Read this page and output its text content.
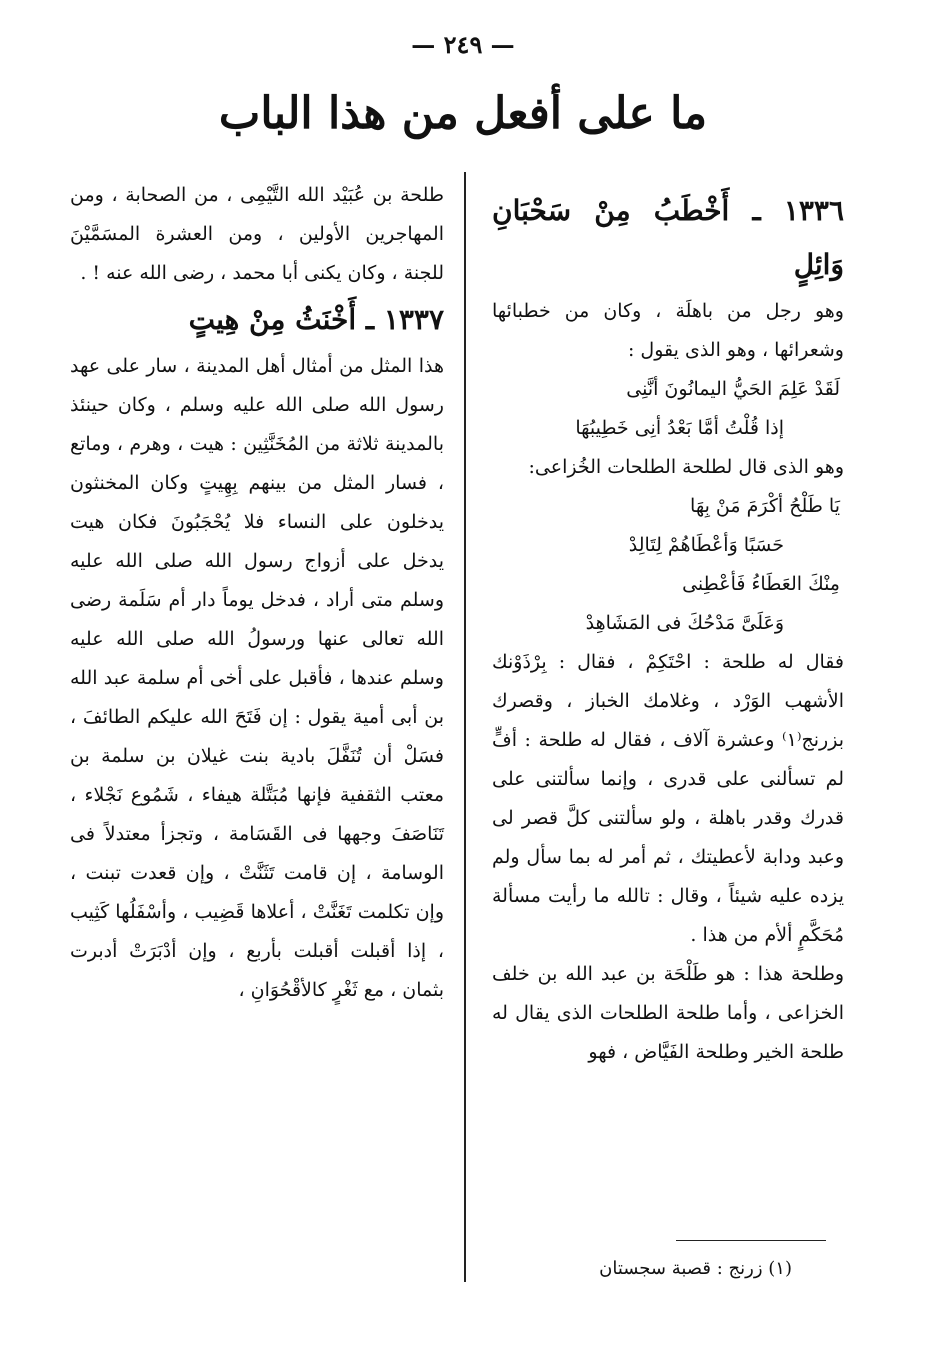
— ٢٤٩ —
ما على أفعل من هذا الباب

١٣٣٦ ـ أَخْطَبُ مِنْ سَحْبَانِ وَائِلٍ

وهو رجل من باهلَة ، وكان من خطبائها وشعرائها ، وهو الذى يقول :

لَقَدْ عَلِمَ الحَيُّ اليمانُونَ أنَّنِى

إذا قُلْتُ أمَّا بَعْدُ أنِى خَطِيبُهَا

وهو الذى قال لطلحة الطلحات الخُزاعى:

يَا طَلْحُ أكْرَمَ مَنْ بِهَا

حَسَبًا وَأعْطَاهُمْ لِتَالِدْ

مِنْكَ العَطَاءُ فَأعْطِنى

وَعَلَىَّ مَدْحُكَ فى المَشَاهِدْ

فقال له طلحة : احْتَكِمْ ، فقال : بِرْذَوْنك الأشهب الوَرْد ، وغلامك الخباز ، وقصرك بزرنج⁽١⁾ وعشرة آلاف ، فقال له طلحة : أفٍّ لم تسألنى على قدرى ، وإنما سألتنى على قدرك وقدر باهلة ، ولو سألتنى كلَّ قصر لى وعبد ودابة لأعطيتك ، ثم أمر له بما سأل ولم يزده عليه شيئاً ، وقال : تالله ما رأيت مسألة مُحَكَّمٍ ألأم من هذا .

وطلحة هذا : هو طَلْحَة بن عبد الله بن خلف الخزاعى ، وأما طلحة الطلحات الذى يقال له طلحة الخير وطلحة الفَيَّاض ، فهو

طلحة بن عُبَيْد الله التَّيْمِى ، من الصحابة ، ومن المهاجرين الأولين ، ومن العشرة المسَمَّيْنَ للجنة ، وكان يكنى أبا محمد ، رضى الله عنه ! .

١٣٣٧ ـ أَخْنَثُ مِنْ هِيتٍ

هذا المثل من أمثال أهل المدينة ، سار على عهد رسول الله صلى الله عليه وسلم ، وكان حينئذ بالمدينة ثلاثة من المُخَنَّثِين : هيت ، وهرم ، وماتع ، فسار المثل من بينهم بِهِيتٍ وكان المخنثون يدخلون على النساء فلا يُحْجَبُونَ فكان هيت يدخل على أزواج رسول الله صلى الله عليه وسلم متى أراد ، فدخل يوماً دار أم سَلَمة رضى الله تعالى عنها ورسولُ الله صلى الله عليه وسلم عندها ، فأقبل على أخى أم سلمة عبد الله بن أبى أمية يقول : إن فَتَحَ الله عليكم الطائفَ ، فسَلْ أن تُنَفَّلَ بادية بنت غيلان بن سلمة بن معتب الثقفية فإنها مُبَتَّلة هيفاء ، شَمُوع نَجْلاء ، تَنَاصَفَ وجهها فى القَسَامة ، وتجزأ معتدلاً فى الوسامة ، إن قامت تَثَنَّتْ ، وإن قعدت تبنت ، وإن تكلمت تَغَنَّتْ ، أعلاها قَضِيب ، وأسْفَلُها كَثِيب ، إذا أقبلت أقبلت بأربع ، وإن أدْبَرَتْ أدبرت بثمان ، مع ثَغْرٍ كالأقْحُوَانِ ،

(١) زرنج : قصبة سجستان
